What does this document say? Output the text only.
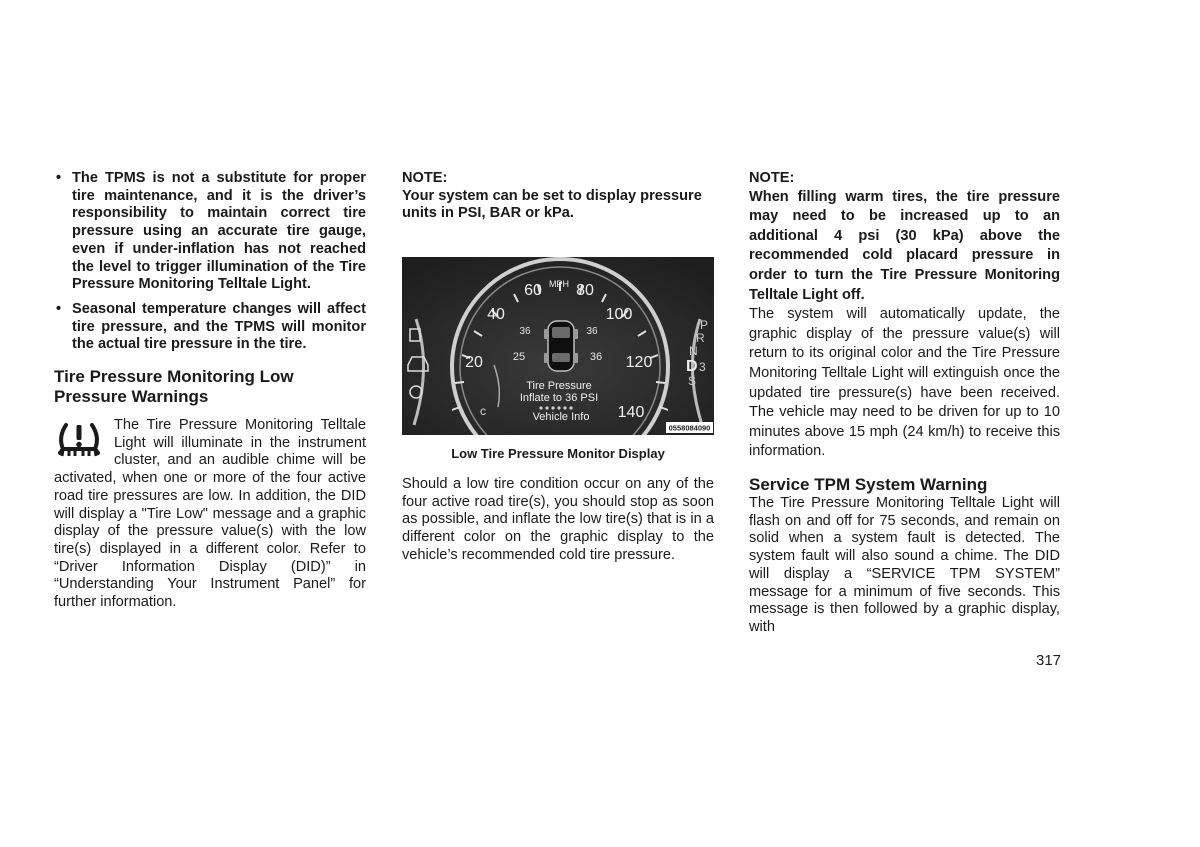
• The TPMS is not a substitute for proper tire maintenance, and it is the driver’s responsibility to maintain correct tire pressure using an accurate tire gauge, even if under-inflation has not reached the level to trigger illumination of the Tire Pressure Monitoring Telltale Light.
• Seasonal temperature changes will affect tire pressure, and the TPMS will monitor the actual tire pressure in the tire.
Tire Pressure Monitoring Low Pressure Warnings

The Tire Pressure Monitoring Telltale Light will illuminate in the instrument cluster, and an audible chime will be activated, when one or more of the four active road tire pressures are low. In addition, the DID will display a "Tire Low" message and a graphic display of the pressure value(s) with the low tire(s) displayed in a different color. Refer to “Driver Information Display (DID)” in “Understanding Your Instrument Panel” for further information.

NOTE:

Your system can be set to display pressure units in PSI, BAR or kPa.

P
R
N
D 3
S
20
40
60 80
100
120
140
MPH
36	36
25	36
Tire Pressure
Inflate to 36 PSI
Vehicle Info
c
0558084090
Low Tire Pressure Monitor Display

Should a low tire condition occur on any of the four active road tire(s), you should stop as soon as possible, and inflate the low tire(s) that is in a different color on the graphic display to the vehicle’s recommended cold tire pressure.

NOTE:

When filling warm tires, the tire pressure may need to be increased up to an additional 4 psi (30 kPa) above the recommended cold placard pressure in order to turn the Tire Pressure Monitoring Telltale Light off.

The system will automatically update, the graphic display of the pressure value(s) will return to its original color and the Tire Pressure Monitoring Telltale Light will extinguish once the updated tire pressure(s) have been received. The vehicle may need to be driven for up to 10 minutes above 15 mph (24 km/h) to receive this information.

Service TPM System Warning

The Tire Pressure Monitoring Telltale Light will flash on and off for 75 seconds, and remain on solid when a system fault is detected. The system fault will also sound a chime. The DID will display a “SERVICE TPM SYSTEM” message for a minimum of five seconds. This message is then followed by a graphic display, with

317
